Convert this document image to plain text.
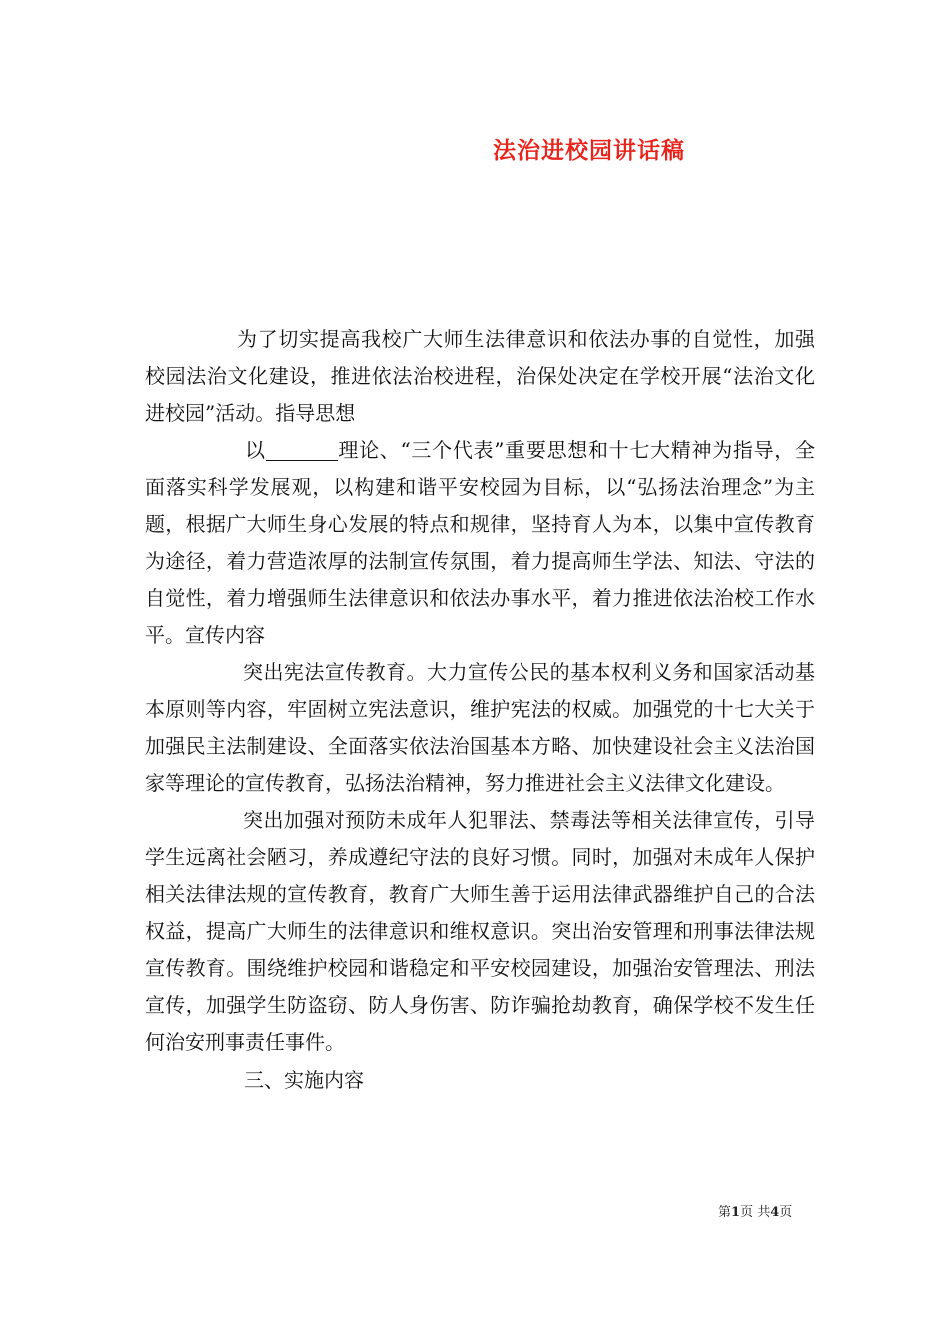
法治进校园讲话稿

为了切实提高我校广大师生法律意识和依法办事的自觉性，加强校园法治文化建设，推进依法治校进程，治保处决定在学校开展“法治文化进校园”活动。指导思想

以	理论、“三个代表”重要思想和十七大精神为指导，全面落实科学发展观，以构建和谐平安校园为目标，以“弘扬法治理念”为主题，根据广大师生身心发展的特点和规律，坚持育人为本，以集中宣传教育为途径，着力营造浓厚的法制宣传氛围，着力提高师生学法、知法、守法的自觉性，着力增强师生法律意识和依法办事水平，着力推进依法治校工作水平。宣传内容

突出宪法宣传教育。大力宣传公民的基本权利义务和国家活动基本原则等内容，牢固树立宪法意识，维护宪法的权威。加强党的十七大关于加强民主法制建设、全面落实依法治国基本方略、加快建设社会主义法治国家等理论的宣传教育，弘扬法治精神，努力推进社会主义法律文化建设。

突出加强对预防未成年人犯罪法、禁毒法等相关法律宣传，引导学生远离社会陋习，养成遵纪守法的良好习惯。同时，加强对未成年人保护相关法律法规的宣传教育，教育广大师生善于运用法律武器维护自己的合法权益，提高广大师生的法律意识和维权意识。突出治安管理和刑事法律法规宣传教育。围绕维护校园和谐稳定和平安校园建设，加强治安管理法、刑法宣传，加强学生防盗窃、防人身伤害、防诈骗抢劫教育，确保学校不发生任何治安刑事责任事件。

三、实施内容

第1页 共4页
